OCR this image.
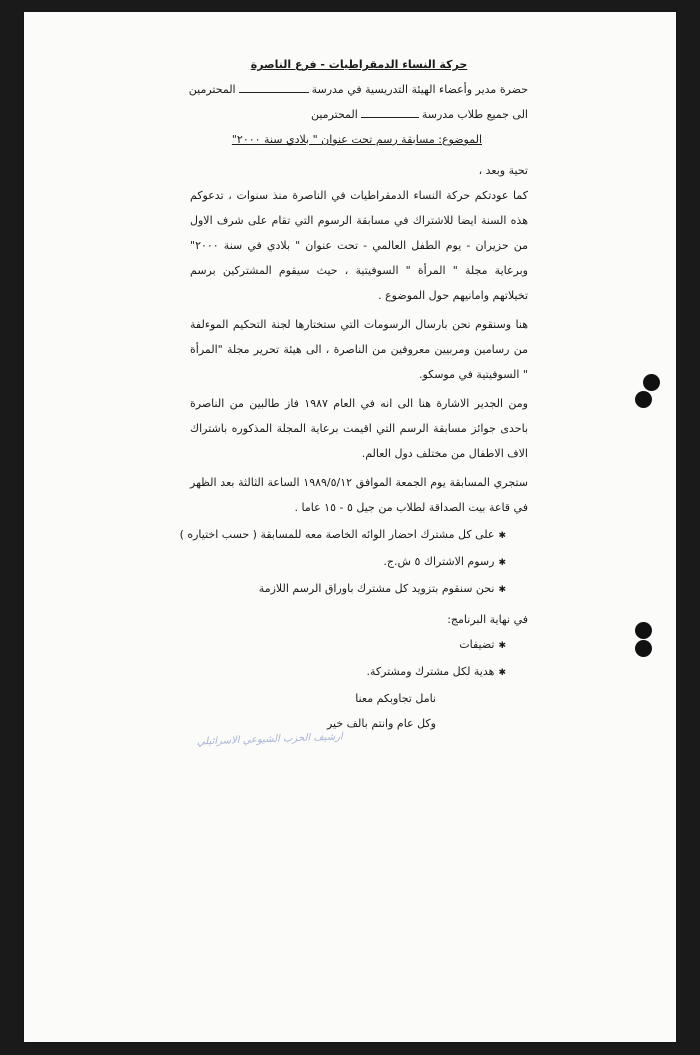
حركة النساء الدمقراطيات - فرع الناصرة

حضرة مدير وأعضاء الهيئة التدريسية في مدرسةالمحترمين

الى جميع طلاب مدرسةالمحترمين

الموضوع: مسابقة رسم تحت عنوان " بلادي سنة ٢٠٠٠"

تحية وبعد ،

كما عودتكم حركة النساء الدمقراطيات في الناصرة منذ سنوات ، تدعوكم هذه السنة ايضا للاشتراك في مسابقة الرسوم التي تقام على شرف الاول من حزيران - يوم الطفل العالمي - تحت عنوان " بلادي في سنة ٢٠٠٠" وبرعاية مجلة " المرأة " السوفيتية ، حيث سيقوم المشتركين برسم تخيلاتهم وامانيهم حول الموضوع .

هنا وسنقوم نحن بارسال الرسومات التي ستختارها لجنة التحكيم الموءلفة من رسامين ومربيين معروفين من الناصرة ، الى هيئة تحرير مجلة "المرأة " السوفيتية في موسكو.

ومن الجدير الاشارة هنا الى انه في العام ١٩٨٧ فاز طالبين من الناصرة باحدى جوائز مسابقة الرسم التي اقيمت برعاية المجلة المذكوره باشتراك الاف الاطفال من مختلف دول العالم.

ستجري المسابقة يوم الجمعة الموافق ١٩٨٩/٥/١٢ الساعة الثالثة بعد الظهر في قاعة بيت الصداقة لطلاب من جيل ٥ - ١٥ عاما .

✱ على كل مشترك احضار الوائه الخاصة معه للمسابقة ( حسب اختياره )
✱ رسوم الاشتراك ٥ ش.ج.
✱ نحن سنقوم بتزويد كل مشترك باوراق الرسم اللازمة

في نهاية البرنامج:

✱ تضيفات
✱ هدية لكل مشترك ومشتركة.

نامل تجاوبكم معنا

وكل عام وانتم بالف خير

ارشيف الحزب الشيوعي الاسرائيلي
